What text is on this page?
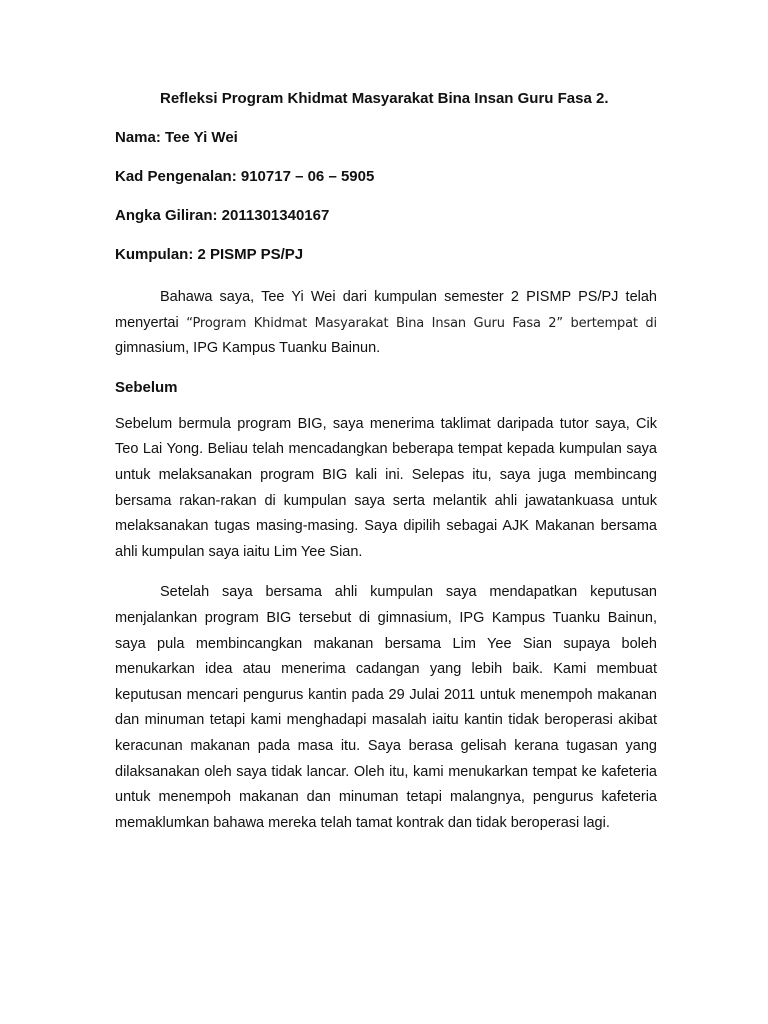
Refleksi Program Khidmat Masyarakat Bina Insan Guru Fasa 2.
Nama: Tee Yi Wei
Kad Pengenalan: 910717 – 06 – 5905
Angka Giliran: 2011301340167
Kumpulan: 2 PISMP PS/PJ

Bahawa saya, Tee Yi Wei dari kumpulan semester 2 PISMP PS/PJ telah menyertai “Program Khidmat Masyarakat Bina Insan Guru Fasa 2” bertempat di gimnasium, IPG Kampus Tuanku Bainun.

Sebelum

Sebelum bermula program BIG, saya menerima taklimat daripada tutor saya, Cik Teo Lai Yong. Beliau telah mencadangkan beberapa tempat kepada kumpulan saya untuk melaksanakan program BIG kali ini. Selepas itu, saya juga membincang bersama rakan-rakan di kumpulan saya serta melantik ahli jawatankuasa untuk melaksanakan tugas masing-masing. Saya dipilih sebagai AJK Makanan bersama ahli kumpulan saya iaitu Lim Yee Sian.

Setelah saya bersama ahli kumpulan saya mendapatkan keputusan menjalankan program BIG tersebut di gimnasium, IPG Kampus Tuanku Bainun, saya pula membincangkan makanan bersama Lim Yee Sian supaya boleh menukarkan idea atau menerima cadangan yang lebih baik. Kami membuat keputusan mencari pengurus kantin pada 29 Julai 2011 untuk menempoh makanan dan minuman tetapi kami menghadapi masalah iaitu kantin tidak beroperasi akibat keracunan makanan pada masa itu. Saya berasa gelisah kerana tugasan yang dilaksanakan oleh saya tidak lancar. Oleh itu, kami menukarkan tempat ke kafeteria untuk menempoh makanan dan minuman tetapi malangnya, pengurus kafeteria memaklumkan bahawa mereka telah tamat kontrak dan tidak beroperasi lagi.
